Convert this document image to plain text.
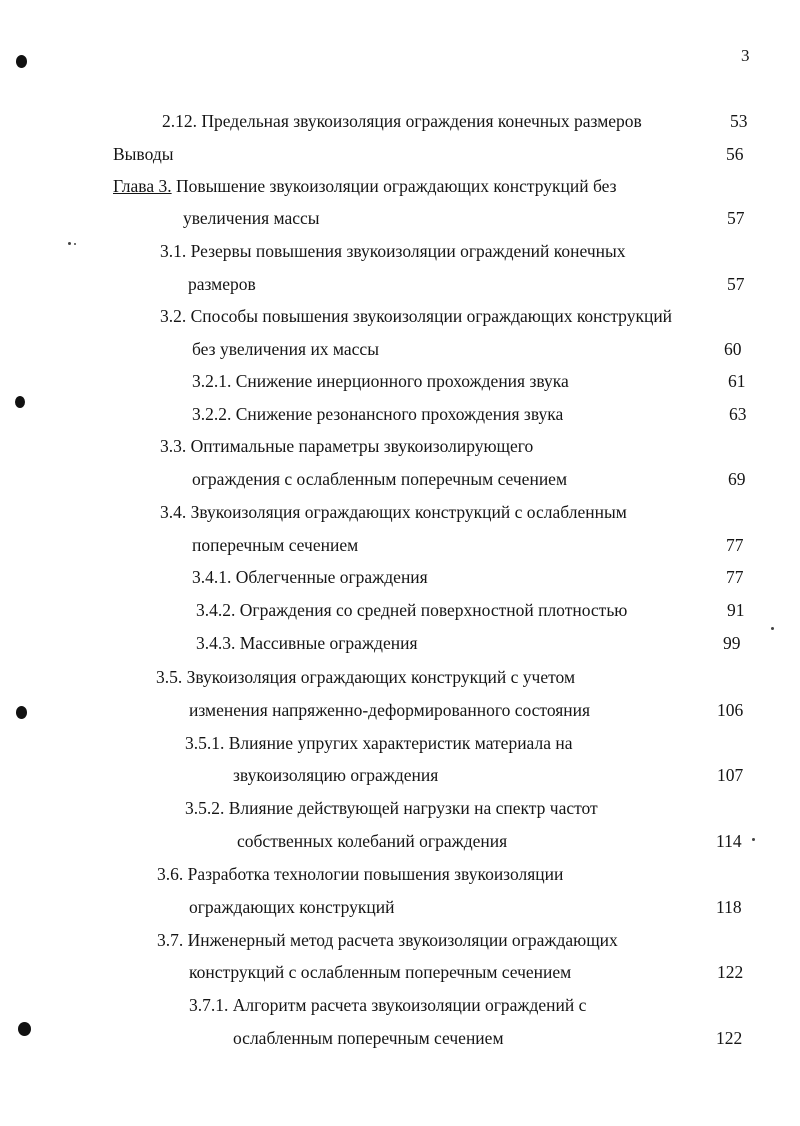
3
2.12. Предельная звукоизоляция ограждения конечных размеров	53
Выводы	56
Глава 3. Повышение звукоизоляции ограждающих конструкций без
увеличения массы	57
3.1. Резервы повышения звукоизоляции ограждений конечных
размеров	57
3.2. Способы повышения звукоизоляции ограждающих конструкций
без увеличения их массы	60
3.2.1. Снижение инерционного прохождения звука	61
3.2.2. Снижение резонансного прохождения звука	63
3.3. Оптимальные параметры звукоизолирующего
ограждения с ослабленным поперечным сечением	69
3.4. Звукоизоляция ограждающих конструкций с ослабленным
поперечным сечением	77
3.4.1. Облегченные ограждения	77
3.4.2. Ограждения со средней поверхностной плотностью	91
3.4.3. Массивные ограждения	99
3.5. Звукоизоляция ограждающих конструкций с учетом
изменения напряженно-деформированного состояния	106
3.5.1. Влияние упругих характеристик материала на
звукоизоляцию ограждения	107
3.5.2. Влияние действующей нагрузки на спектр частот
собственных колебаний ограждения	114
3.6. Разработка технологии повышения звукоизоляции
ограждающих конструкций	118
3.7. Инженерный метод расчета звукоизоляции ограждающих
конструкций с ослабленным поперечным сечением	122
3.7.1. Алгоритм расчета звукоизоляции ограждений с
ослабленным поперечным сечением	122
